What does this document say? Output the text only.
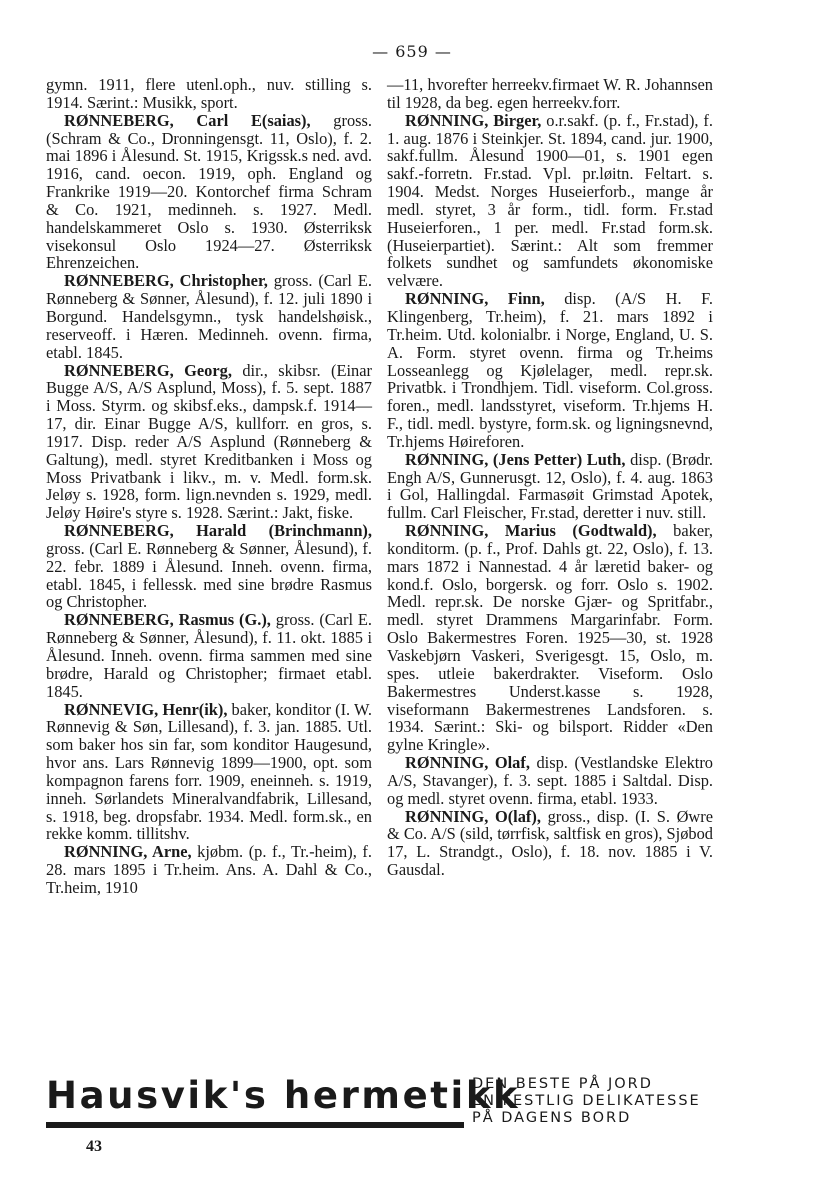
— 659 —

gymn. 1911, flere utenl.oph., nuv. stilling s. 1914. Særint.: Musikk, sport.

RØNNEBERG, Carl E(saias), gross. (Schram & Co., Dronningensgt. 11, Oslo), f. 2. mai 1896 i Ålesund. St. 1915, Krigssk.s ned. avd. 1916, cand. oecon. 1919, oph. England og Frankrike 1919—20. Kontorchef firma Schram & Co. 1921, medinneh. s. 1927. Medl. handelskammeret Oslo s. 1930. Østerriksk visekonsul Oslo 1924—27. Østerriksk Ehrenzeichen.

RØNNEBERG, Christopher, gross. (Carl E. Rønneberg & Sønner, Ålesund), f. 12. juli 1890 i Borgund. Handelsgymn., tysk handelshøisk., reserveoff. i Hæren. Medinneh. ovenn. firma, etabl. 1845.

RØNNEBERG, Georg, dir., skibsr. (Einar Bugge A/S, A/S Asplund, Moss), f. 5. sept. 1887 i Moss. Styrm. og skibsf.eks., dampsk.f. 1914—17, dir. Einar Bugge A/S, kullforr. en gros, s. 1917. Disp. reder A/S Asplund (Rønneberg & Galtung), medl. styret Kreditbanken i Moss og Moss Privatbank i likv., m. v. Medl. form.sk. Jeløy s. 1928, form. lign.nevnden s. 1929, medl. Jeløy Høire's styre s. 1928. Særint.: Jakt, fiske.

RØNNEBERG, Harald (Brinchmann), gross. (Carl E. Rønneberg & Sønner, Ålesund), f. 22. febr. 1889 i Ålesund. Inneh. ovenn. firma, etabl. 1845, i fellessk. med sine brødre Rasmus og Christopher.

RØNNEBERG, Rasmus (G.), gross. (Carl E. Rønneberg & Sønner, Ålesund), f. 11. okt. 1885 i Ålesund. Inneh. ovenn. firma sammen med sine brødre, Harald og Christopher; firmaet etabl. 1845.

RØNNEVIG, Henr(ik), baker, konditor (I. W. Rønnevig & Søn, Lillesand), f. 3. jan. 1885. Utl. som baker hos sin far, som konditor Haugesund, hvor ans. Lars Rønnevig 1899—1900, opt. som kompagnon farens forr. 1909, eneinneh. s. 1919, inneh. Sørlandets Mineralvandfabrik, Lillesand, s. 1918, beg. dropsfabr. 1934. Medl. form.sk., en rekke komm. tillitshv.

RØNNING, Arne, kjøbm. (p. f., Tr.-heim), f. 28. mars 1895 i Tr.heim. Ans. A. Dahl & Co., Tr.heim, 1910

—11, hvorefter herreekv.firmaet W. R. Johannsen til 1928, da beg. egen herreekv.forr.

RØNNING, Birger, o.r.sakf. (p. f., Fr.stad), f. 1. aug. 1876 i Steinkjer. St. 1894, cand. jur. 1900, sakf.fullm. Ålesund 1900—01, s. 1901 egen sakf.-forretn. Fr.stad. Vpl. pr.løitn. Feltart. s. 1904. Medst. Norges Huseierforb., mange år medl. styret, 3 år form., tidl. form. Fr.stad Huseierforen., 1 per. medl. Fr.stad form.sk. (Huseierpartiet). Særint.: Alt som fremmer folkets sundhet og samfundets økonomiske velvære.

RØNNING, Finn, disp. (A/S H. F. Klingenberg, Tr.heim), f. 21. mars 1892 i Tr.heim. Utd. kolonialbr. i Norge, England, U. S. A. Form. styret ovenn. firma og Tr.heims Losseanlegg og Kjølelager, medl. repr.sk. Privatbk. i Trondhjem. Tidl. viseform. Col.gross. foren., medl. landsstyret, viseform. Tr.hjems H. F., tidl. medl. bystyre, form.sk. og ligningsnevnd, Tr.hjems Høireforen.

RØNNING, (Jens Petter) Luth, disp. (Brødr. Engh A/S, Gunnerusgt. 12, Oslo), f. 4. aug. 1863 i Gol, Hallingdal. Farmasøit Grimstad Apotek, fullm. Carl Fleischer, Fr.stad, deretter i nuv. still.

RØNNING, Marius (Godtwald), baker, konditorm. (p. f., Prof. Dahls gt. 22, Oslo), f. 13. mars 1872 i Nannestad. 4 år læretid baker- og kond.f. Oslo, borgersk. og forr. Oslo s. 1902. Medl. repr.sk. De norske Gjær- og Spritfabr., medl. styret Drammens Margarinfabr. Form. Oslo Bakermestres Foren. 1925—30, st. 1928 Vaskebjørn Vaskeri, Sverigesgt. 15, Oslo, m. spes. utleie bakerdrakter. Viseform. Oslo Bakermestres Underst.kasse s. 1928, viseformann Bakermestrenes Landsforen. s. 1934. Særint.: Ski- og bilsport. Ridder «Den gylne Kringle».

RØNNING, Olaf, disp. (Vestlandske Elektro A/S, Stavanger), f. 3. sept. 1885 i Saltdal. Disp. og medl. styret ovenn. firma, etabl. 1933.

RØNNING, O(laf), gross., disp. (I. S. Øwre & Co. A/S (sild, tørrfisk, saltfisk en gros), Sjøbod 17, L. Strandgt., Oslo), f. 18. nov. 1885 i V. Gausdal.

Hausvik's hermetikk
DEN BESTE PÅ JORD
EN FESTLIG DELIKATESSE
PÅ DAGENS BORD
43
